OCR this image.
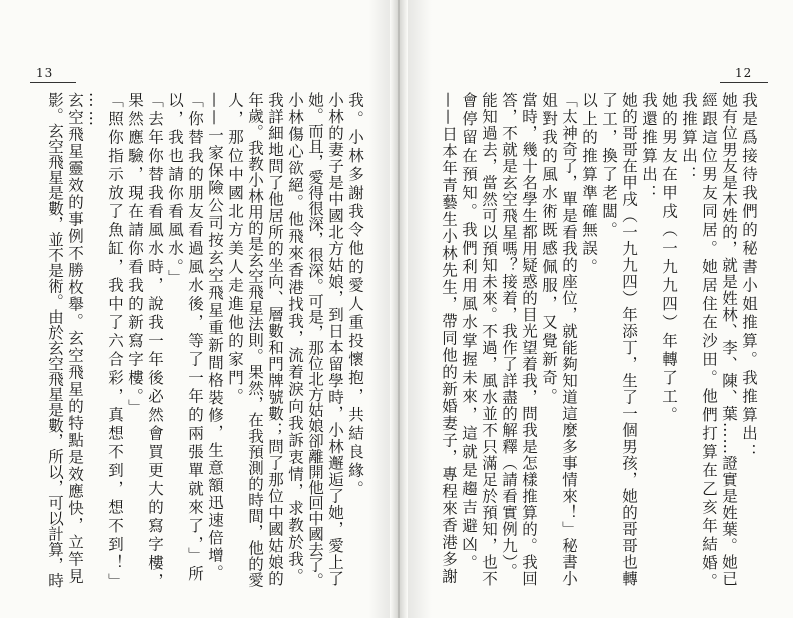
13
我。小林多謝我令他的愛人重投懷抱，共結良緣。
小林的妻子是中國北方姑娘，到日本留學時，小林邂逅了她，愛上了
她。而且，愛得很深，很深。可是，那位北方姑娘卻離開他回中國去了。
小林傷心欲絕。他飛來香港找我，流着淚向我訴衷情，求教於我。
我詳細地問了他居所的坐向、層數和門牌號數；問了那位中國姑娘的
年歲。我教小林用的是玄空飛星法則。果然，在我預測的時間，他的愛
人，那位中國北方美人走進他的家門。
——一家保險公司按玄空飛星重新間格裝修，生意額迅速倍增。
「你替我的朋友看過風水後，等了一年的兩張單就來了，」所
以，我也請你看風水。」
「去年你替我看風水時，說我一年後必然會買更大的寫字樓，
果然應驗，現在請你看我的新寫字樓。」
「照你指示放了魚缸，我中了六合彩，真想不到，想不到！」
……
玄空飛星靈效的事例不勝枚舉。玄空飛星的特點是效應快，立竿見
影。玄空飛星是數，並不是術。由於玄空飛星是數，所以，可以計算，時
12
我是爲接待我們的秘書小姐推算。我推算出：
她有位男友是木姓的，就是姓林、李、陳、葉……證實是姓葉。她已
經跟這位男友同居。她居住在沙田。他們打算在乙亥年結婚。
我推算出：
她的男友在甲戌（一九九四）年轉了工。
我還推算出：
她的哥哥在甲戌（一九九四）年添丁，生了一個男孩，她的哥哥也轉
了工，換了老闆。
以上的推算準確無誤。
「太神奇了，單是看我的座位，就能夠知道這麼多事情來！」秘書小
姐對我的風水術既感佩服，又覺新奇。
當時，幾十名學生都用疑惑的目光望着我，問我是怎樣推算的。我回
答，不就是玄空飛星嗎？接着，我作了詳盡的解釋（請看實例九）。
能知過去，當然可以預知未來。不過，風水並不只滿足於預知，也不
會停留在預知。我們利用風水掌握未來，這就是趨吉避凶。
——日本年青藝生小林先生，帶同他的新婚妻子，專程來香港多謝
